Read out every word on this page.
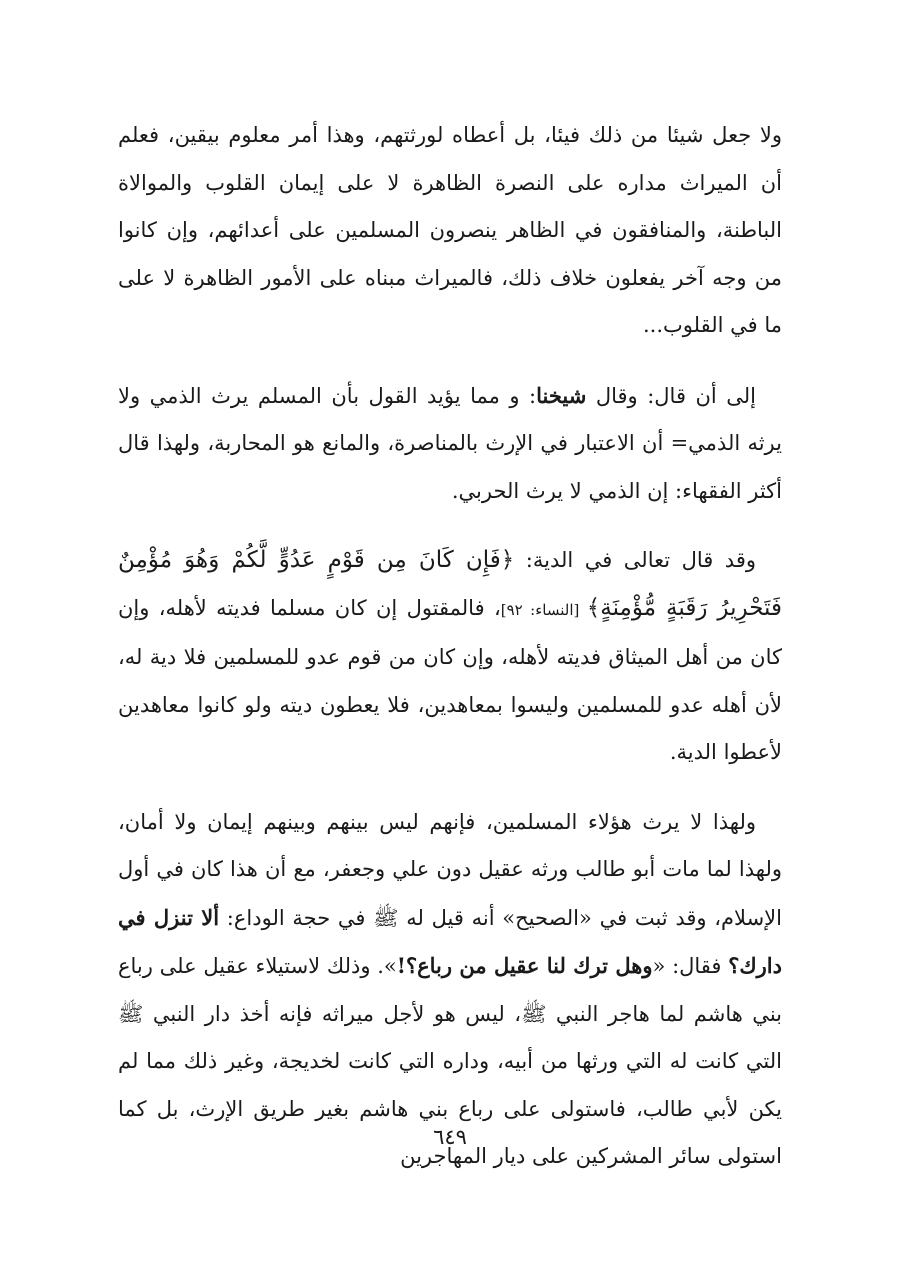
ولا جعل شيئا من ذلك فيئا، بل أعطاه لورثتهم، وهذا أمر معلوم بيقين، فعلم أن الميراث مداره على النصرة الظاهرة لا على إيمان القلوب والموالاة الباطنة، والمنافقون في الظاهر ينصرون المسلمين على أعدائهم، وإن كانوا من وجه آخر يفعلون خلاف ذلك، فالميراث مبناه على الأمور الظاهرة لا على ما في القلوب...

إلى أن قال: وقال شيخنا: و مما يؤيد القول بأن المسلم يرث الذمي ولا يرثه الذمي= أن الاعتبار في الإرث بالمناصرة، والمانع هو المحاربة، ولهذا قال أكثر الفقهاء: إن الذمي لا يرث الحربي.

وقد قال تعالى في الدية: ﴿فَإِن كَانَ مِن قَوْمٍ عَدُوٍّ لَّكُمْ وَهُوَ مُؤْمِنٌ فَتَحْرِيرُ رَقَبَةٍ مُّؤْمِنَةٍ﴾ [النساء: ٩٢]، فالمقتول إن كان مسلما فديته لأهله، وإن كان من أهل الميثاق فديته لأهله، وإن كان من قوم عدو للمسلمين فلا دية له، لأن أهله عدو للمسلمين وليسوا بمعاهدين، فلا يعطون ديته ولو كانوا معاهدين لأعطوا الدية.

ولهذا لا يرث هؤلاء المسلمين، فإنهم ليس بينهم وبينهم إيمان ولا أمان، ولهذا لما مات أبو طالب ورثه عقيل دون علي وجعفر، مع أن هذا كان في أول الإسلام، وقد ثبت في «الصحيح» أنه قيل له ﷺ في حجة الوداع: ألا تنزل في دارك؟ فقال: «وهل ترك لنا عقيل من رباع؟!». وذلك لاستيلاء عقيل على رباع بني هاشم لما هاجر النبي ﷺ، ليس هو لأجل ميراثه فإنه أخذ دار النبي ﷺ التي كانت له التي ورثها من أبيه، وداره التي كانت لخديجة، وغير ذلك مما لم يكن لأبي طالب، فاستولى على رباع بني هاشم بغير طريق الإرث، بل كما استولى سائر المشركين على ديار المهاجرين

٦٤٩
